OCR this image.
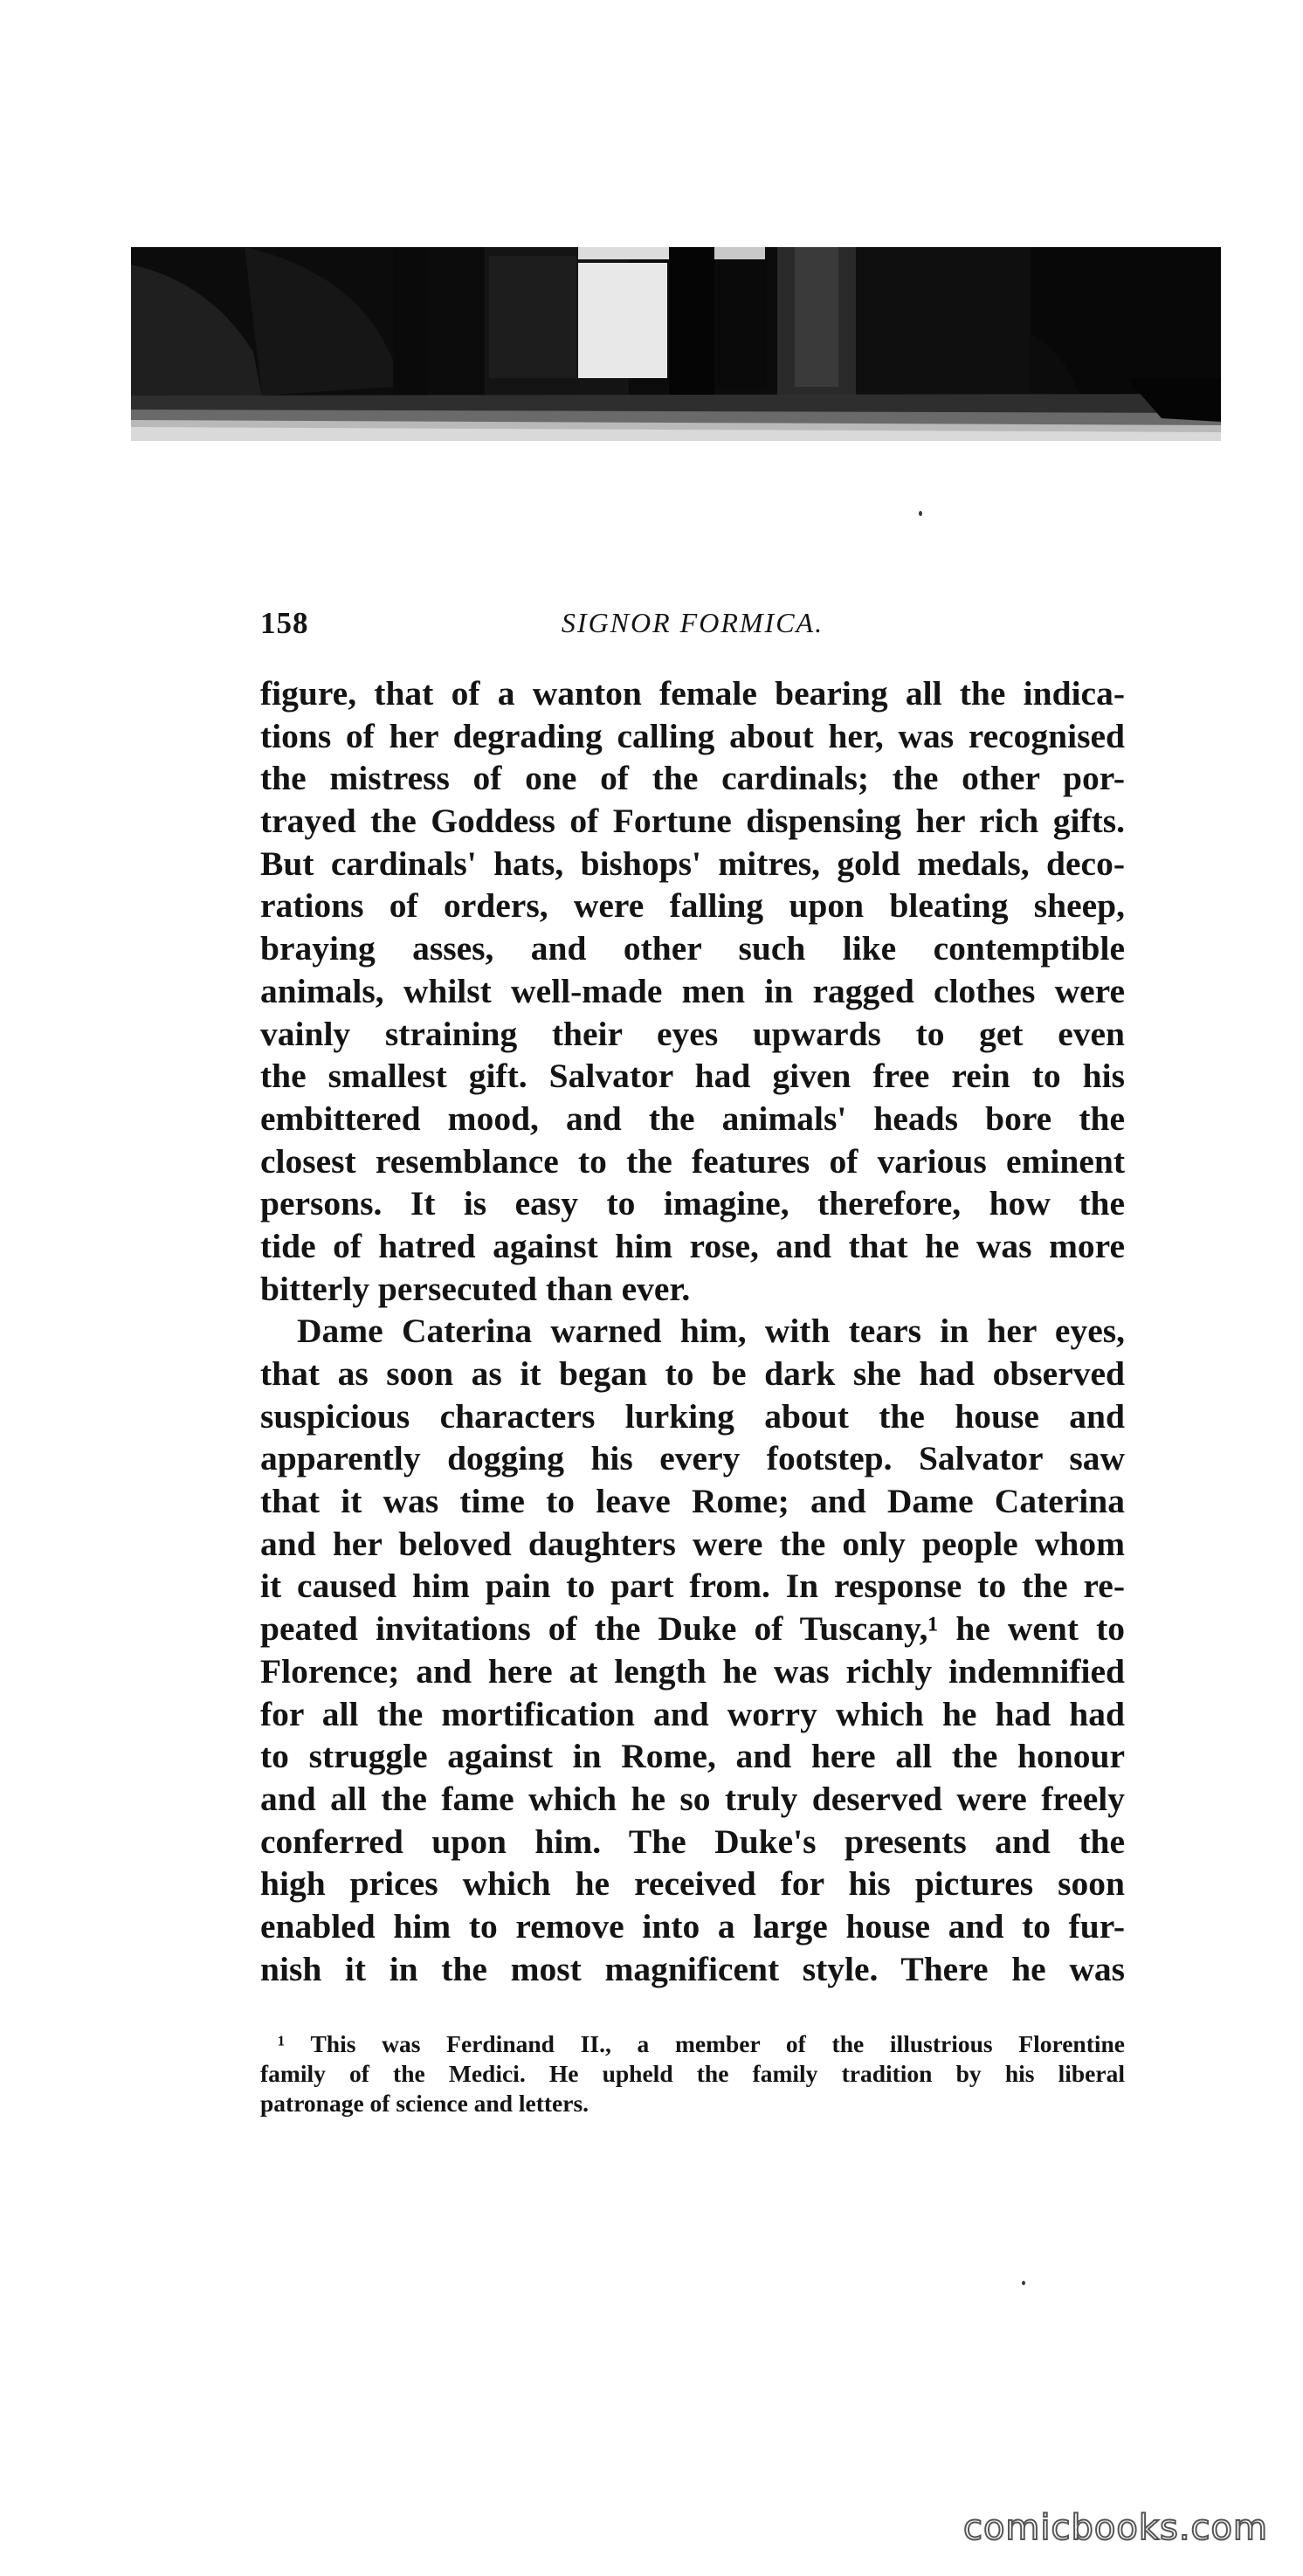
158	SIGNOR FORMICA.
figure, that of a wanton female bearing all the indica-
tions of her degrading calling about her, was recognised
the mistress of one of the cardinals; the other por-
trayed the Goddess of Fortune dispensing her rich gifts.
But cardinals' hats, bishops' mitres, gold medals, deco-
rations of orders, were falling upon bleating sheep,
braying asses, and other such like contemptible
animals, whilst well-made men in ragged clothes were
vainly straining their eyes upwards to get even
the smallest gift. Salvator had given free rein to his
embittered mood, and the animals' heads bore the
closest resemblance to the features of various eminent
persons. It is easy to imagine, therefore, how the
tide of hatred against him rose, and that he was more
bitterly persecuted than ever.
Dame Caterina warned him, with tears in her eyes,
that as soon as it began to be dark she had observed
suspicious characters lurking about the house and
apparently dogging his every footstep. Salvator saw
that it was time to leave Rome; and Dame Caterina
and her beloved daughters were the only people whom
it caused him pain to part from. In response to the re-
peated invitations of the Duke of Tuscany,¹ he went to
Florence; and here at length he was richly indemnified
for all the mortification and worry which he had had
to struggle against in Rome, and here all the honour
and all the fame which he so truly deserved were freely
conferred upon him. The Duke's presents and the
high prices which he received for his pictures soon
enabled him to remove into a large house and to fur-
nish it in the most magnificent style. There he was
¹ This was Ferdinand II., a member of the illustrious Florentine
family of the Medici. He upheld the family tradition by his liberal
patronage of science and letters.
comicbooks.com
